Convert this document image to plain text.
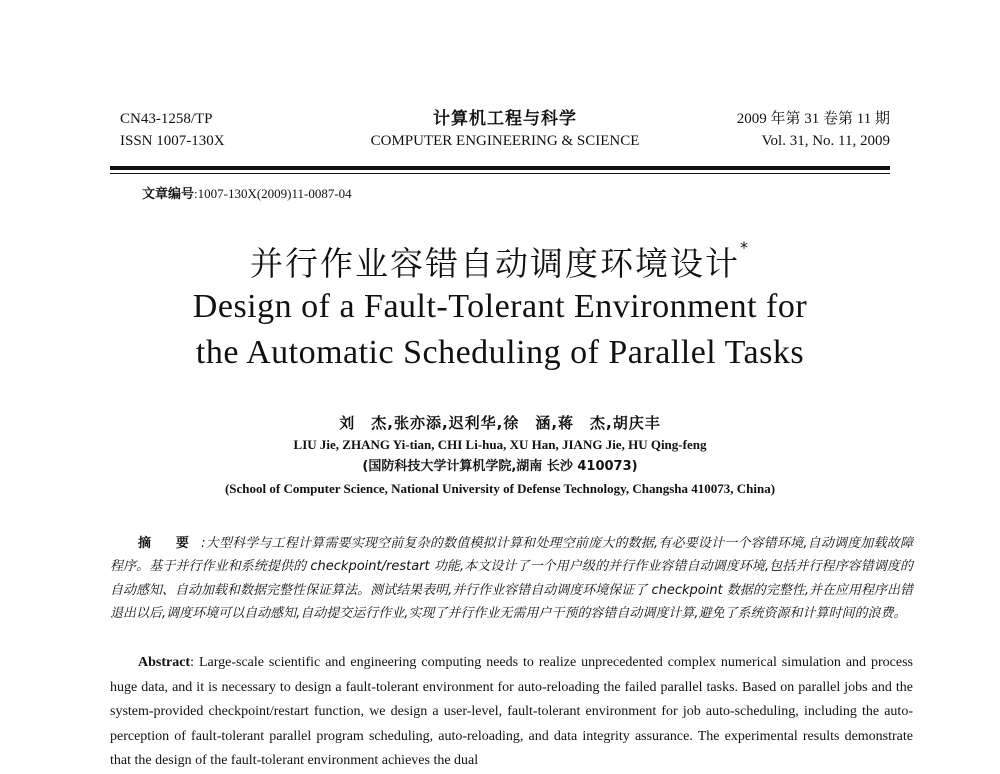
CN43-1258/TP
ISSN 1007-130X
计算机工程与科学
COMPUTER ENGINEERING & SCIENCE
2009 年第 31 卷第 11 期
Vol. 31, No. 11, 2009
文章编号:1007-130X(2009)11-0087-04
并行作业容错自动调度环境设计*
Design of a Fault-Tolerant Environment for
the Automatic Scheduling of Parallel Tasks
刘　杰,张亦添,迟利华,徐　涵,蒋　杰,胡庆丰
LIU Jie, ZHANG Yi-tian, CHI Li-hua, XU Han, JIANG Jie, HU Qing-feng
(国防科技大学计算机学院,湖南 长沙 410073)
(School of Computer Science, National University of Defense Technology, Changsha 410073, China)
摘 要 :大型科学与工程计算需要实现空前复杂的数值模拟计算和处理空前庞大的数据,有必要设计一个容错环境,自动调度加载故障程序。基于并行作业和系统提供的 checkpoint/restart 功能,本文设计了一个用户级的并行作业容错自动调度环境,包括并行程序容错调度的自动感知、自动加载和数据完整性保证算法。测试结果表明,并行作业容错自动调度环境保证了 checkpoint 数据的完整性,并在应用程序出错退出以后,调度环境可以自动感知,自动提交运行作业,实现了并行作业无需用户干预的容错自动调度计算,避免了系统资源和计算时间的浪费。
Abstract: Large-scale scientific and engineering computing needs to realize unprecedented complex numerical simulation and process huge data, and it is necessary to design a fault-tolerant environment for auto-reloading the failed parallel tasks. Based on parallel jobs and the system-provided checkpoint/restart function, we design a user-level, fault-tolerant environment for job auto-scheduling, including the auto-perception of fault-tolerant parallel program scheduling, auto-reloading, and data integrity assurance. The experimental results demonstrate that the design of the fault-tolerant environment achieves the dual
